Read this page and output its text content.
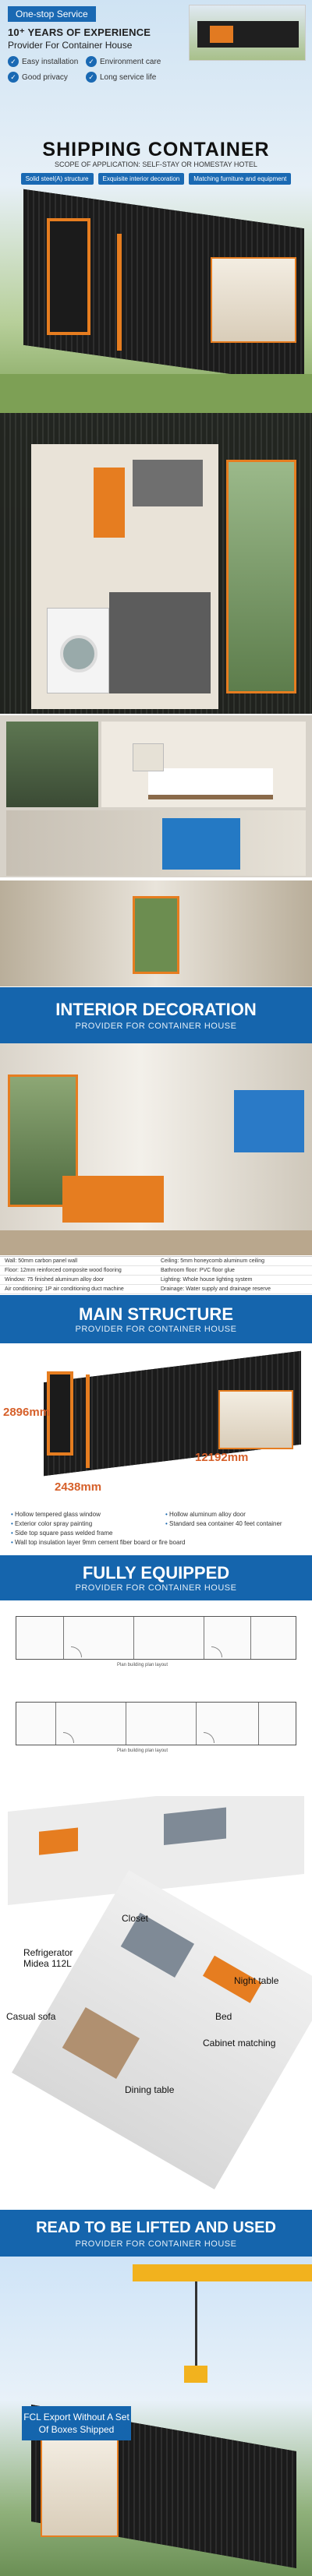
One-stop Service
10⁺ YEARS OF EXPERIENCE
Provider For Container House
✓ Easy installation	✓ Environment care
✓ Good privacy	✓ Long service life
SHIPPING CONTAINER
SCOPE OF APPLICATION: SELF-STAY OR HOMESTAY HOTEL
Solid steel(A) structure	Exquisite interior decoration	Matching furniture and equipment
INTERIOR DECORATION
PROVIDER FOR CONTAINER HOUSE
Wall: 50mm carbon panel wall	Ceiling: 5mm honeycomb aluminum ceiling
Floor: 12mm reinforced composite wood flooring	Bathroom floor: PVC floor glue
Window: 75 finished aluminum alloy door	Lighting: Whole house lighting system
Air conditioning: 1P air conditioning duct machine	Drainage: Water supply and drainage reserve
MAIN STRUCTURE
PROVIDER FOR CONTAINER HOUSE
2896mm
2438mm
12192mm
• Hollow tempered glass window
• Exterior color spray painting
• Side top square pass welded frame
• Wall top insulation layer 9mm cement fiber board or fire board
• Hollow aluminum alloy door
• Standard sea container 40 feet container
FULLY EQUIPPED
PROVIDER FOR CONTAINER HOUSE
Plan building plan layout
Plan building plan layout
Closet
Refrigerator
Midea 112L
Night table
Bed
Casual sofa
Cabinet matching
Dining table
READ TO BE LIFTED AND USED
PROVIDER FOR CONTAINER HOUSE
FCL Export Without A Set Of Boxes Shipped
